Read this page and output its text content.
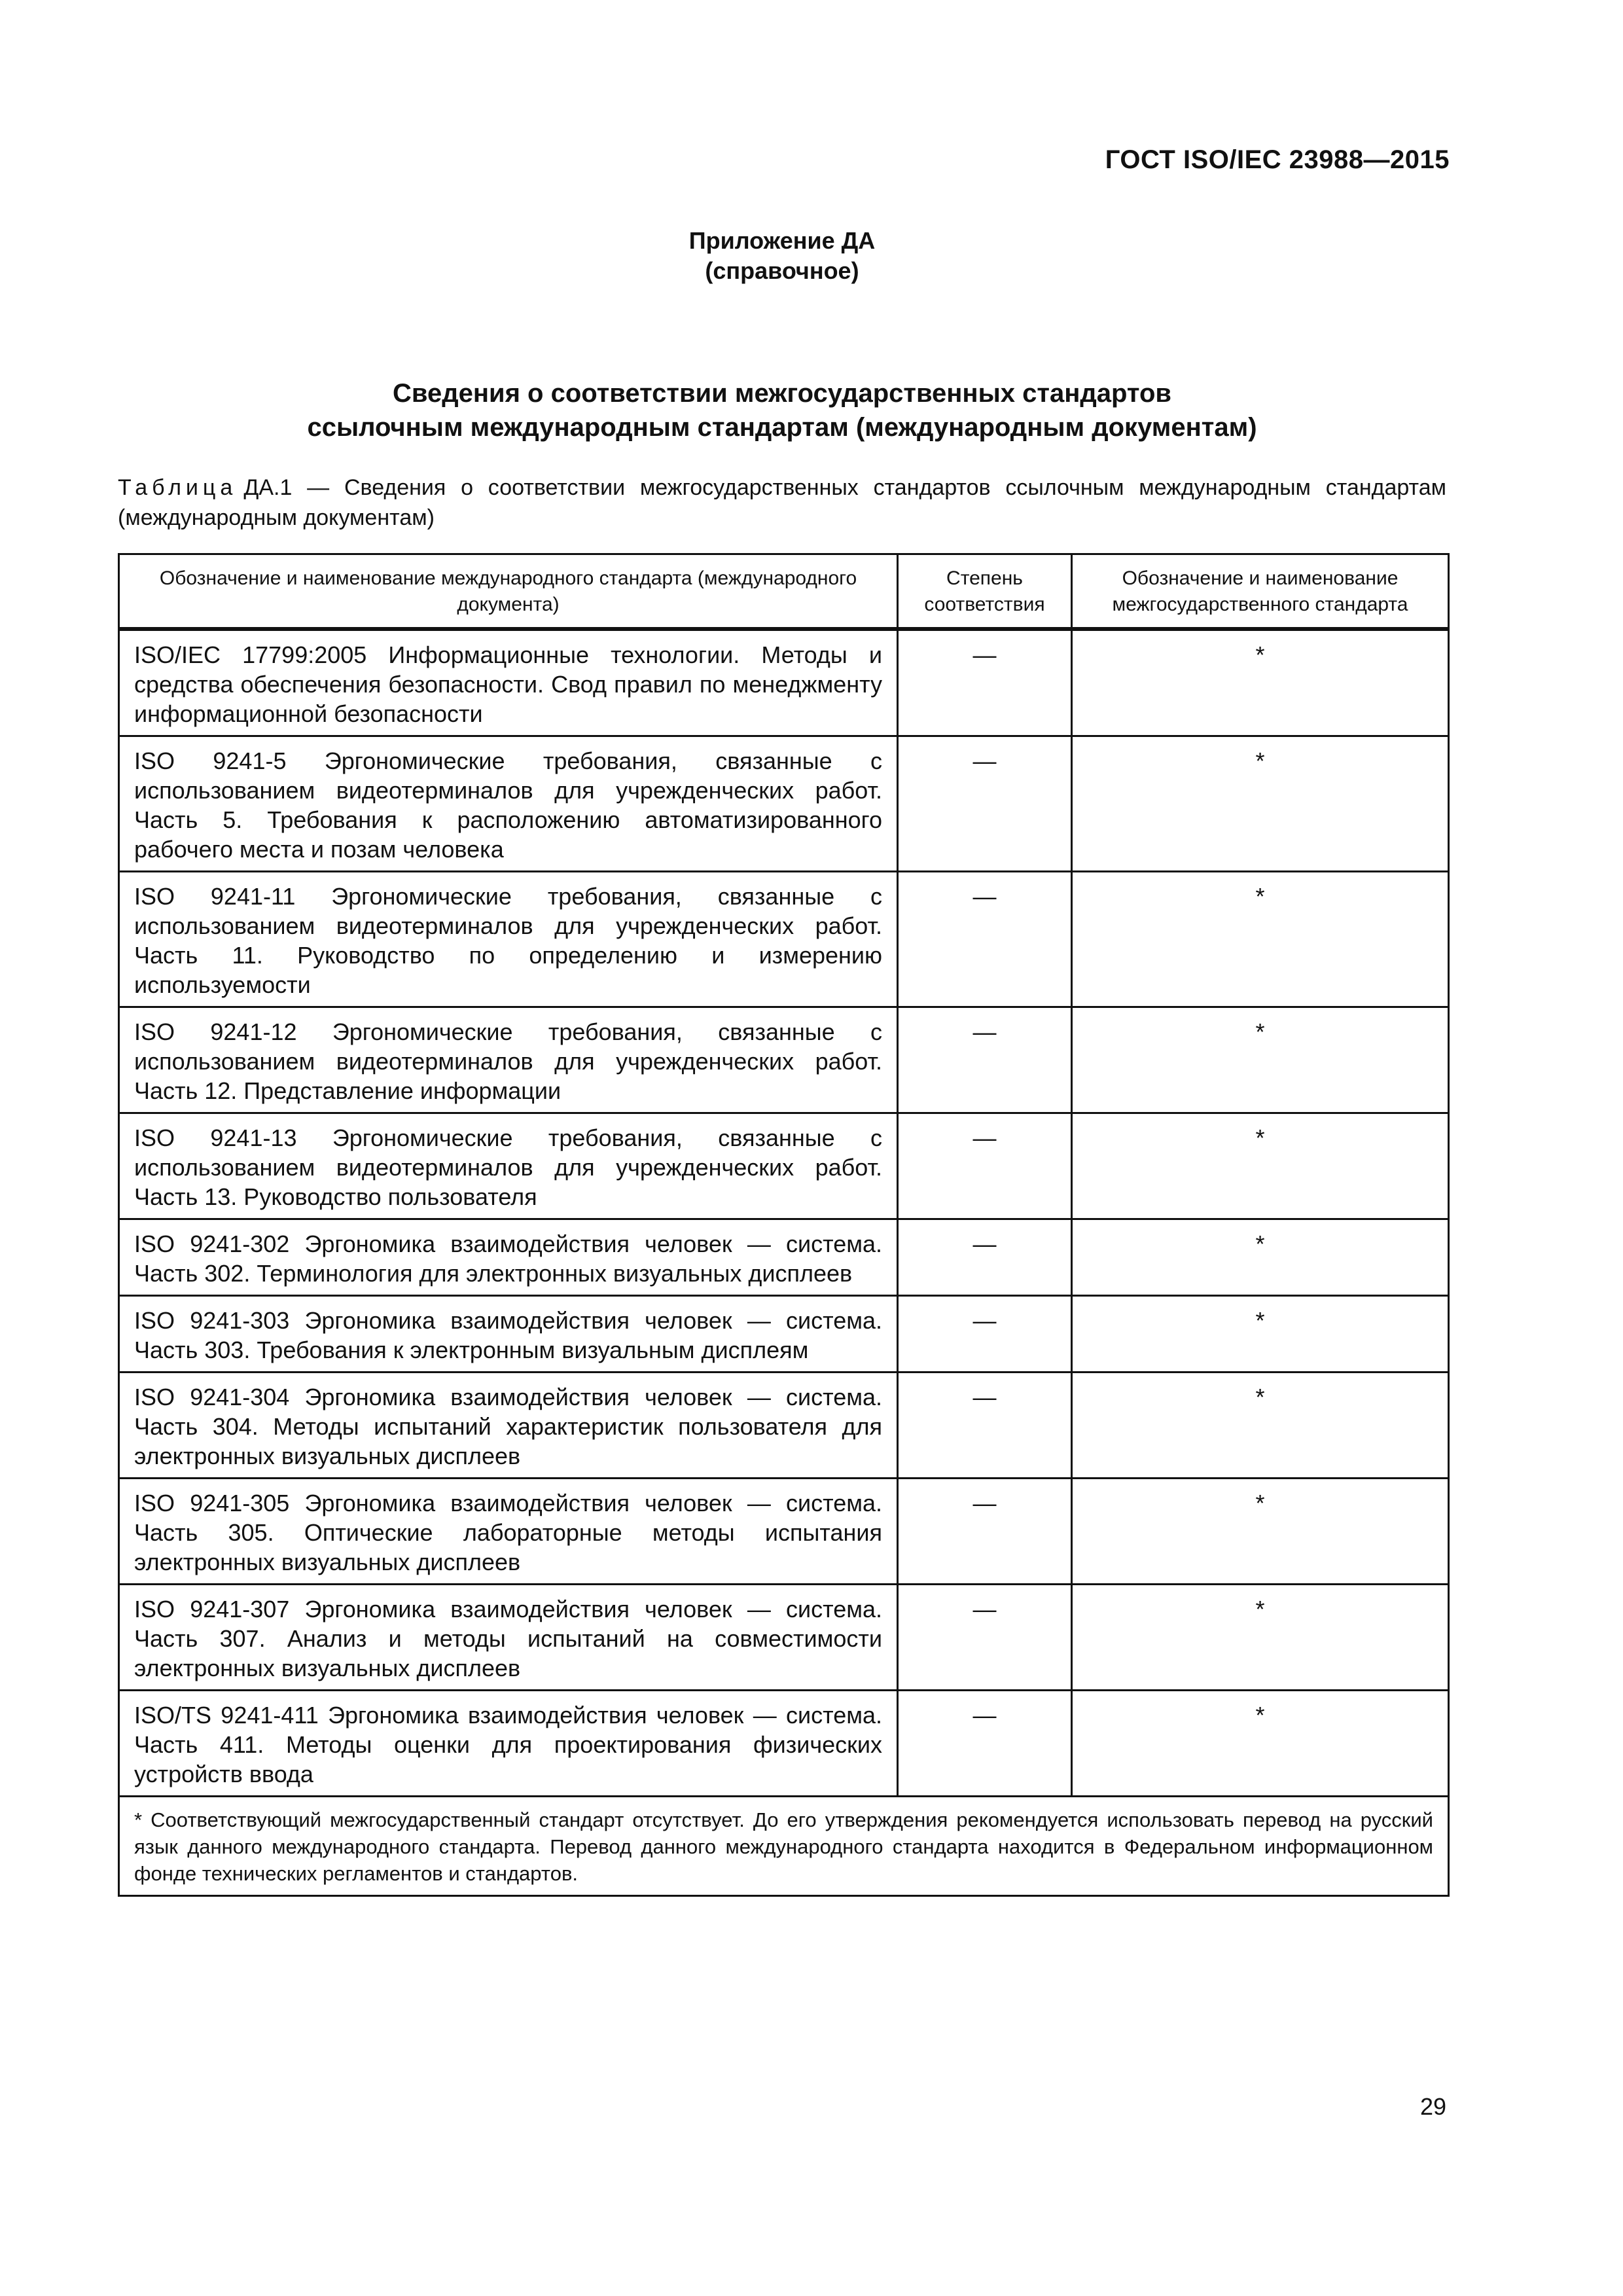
ГОСТ ISO/IEC 23988—2015
Приложение ДА
(справочное)
Сведения о соответствии межгосударственных стандартов
ссылочным международным стандартам (международным документам)
Таблица ДА.1 — Сведения о соответствии межгосударственных стандартов ссылочным международным стандартам (международным документам)
Обозначение и наименование международного стандарта (международного документа)	Степень соответствия	Обозначение и наименование межгосударственного стандарта
ISO/IEC 17799:2005 Информационные технологии. Методы и средства обеспечения безопасности. Свод правил по менеджменту информационной безопасности	—	*
ISO 9241-5 Эргономические требования, связанные с использованием видеотерминалов для учрежденческих работ. Часть 5. Требования к расположению автоматизированного рабочего места и позам человека	—	*
ISO 9241-11 Эргономические требования, связанные с использованием видеотерминалов для учрежденческих работ. Часть 11. Руководство по определению и измерению используемости	—	*
ISO 9241-12 Эргономические требования, связанные с использованием видеотерминалов для учрежденческих работ. Часть 12. Представление информации	—	*
ISO 9241-13 Эргономические требования, связанные с использованием видеотерминалов для учрежденческих работ. Часть 13. Руководство пользователя	—	*
ISO 9241-302 Эргономика взаимодействия человек — система. Часть 302. Терминология для электронных визуальных дисплеев	—	*
ISO 9241-303 Эргономика взаимодействия человек — система. Часть 303. Требования к электронным визуальным дисплеям	—	*
ISO 9241-304 Эргономика взаимодействия человек — система. Часть 304. Методы испытаний характеристик пользователя для электронных визуальных дисплеев	—	*
ISO 9241-305 Эргономика взаимодействия человек — система. Часть 305. Оптические лабораторные методы испытания электронных визуальных дисплеев	—	*
ISO 9241-307 Эргономика взаимодействия человек — система. Часть 307. Анализ и методы испытаний на совместимости электронных визуальных дисплеев	—	*
ISO/TS 9241-411 Эргономика взаимодействия человек — система. Часть 411. Методы оценки для проектирования физических устройств ввода	—	*
* Соответствующий межгосударственный стандарт отсутствует. До его утверждения рекомендуется использовать перевод на русский язык данного международного стандарта. Перевод данного международного стандарта находится в Федеральном информационном фонде технических регламентов и стандартов.		
29
